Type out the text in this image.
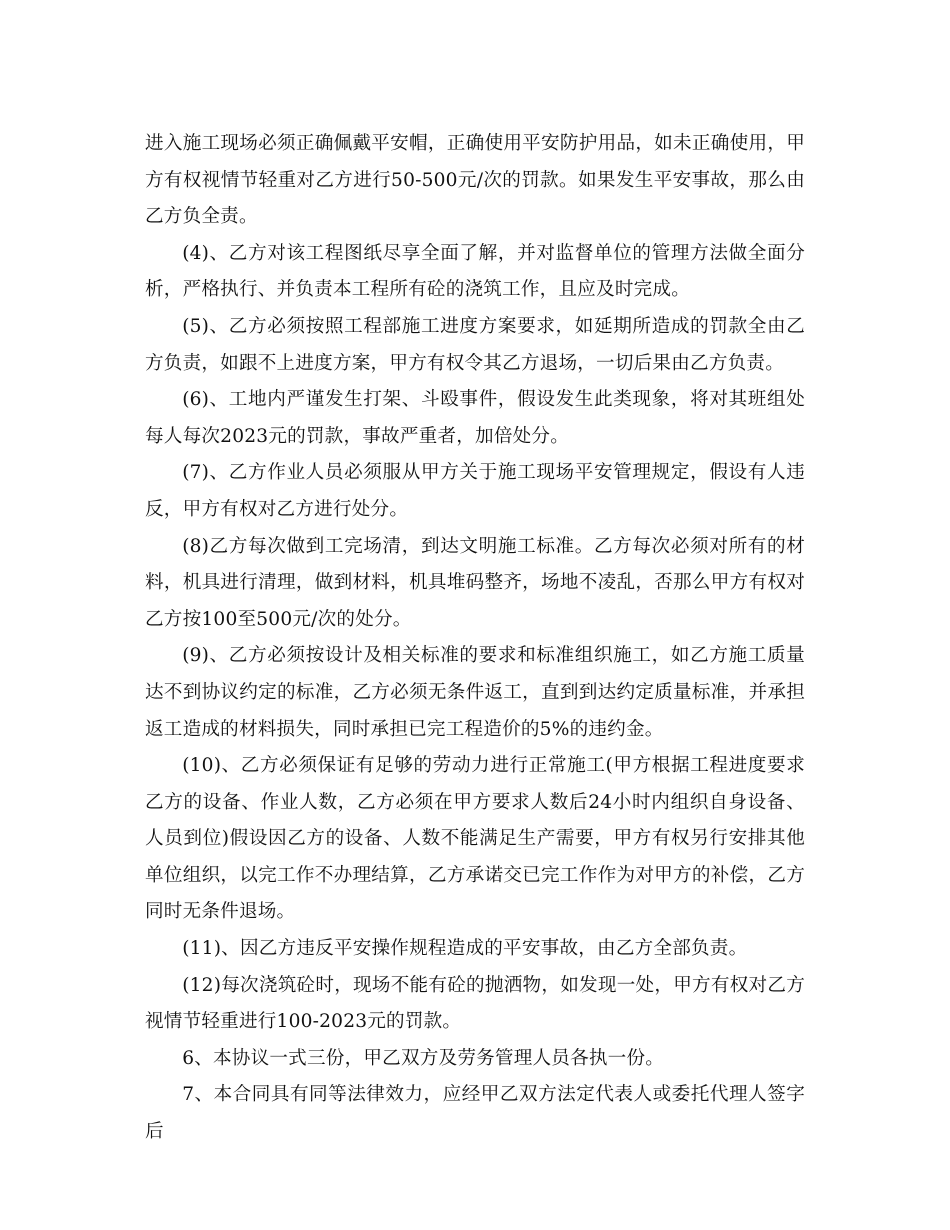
进入施工现场必须正确佩戴平安帽，正确使用平安防护用品，如未正确使用，甲方有权视情节轻重对乙方进行50-500元/次的罚款。如果发生平安事故，那么由乙方负全责。

(4)、乙方对该工程图纸尽享全面了解，并对监督单位的管理方法做全面分析，严格执行、并负责本工程所有砼的浇筑工作，且应及时完成。

(5)、乙方必须按照工程部施工进度方案要求，如延期所造成的罚款全由乙方负责，如跟不上进度方案，甲方有权令其乙方退场，一切后果由乙方负责。

(6)、工地内严谨发生打架、斗殴事件，假设发生此类现象，将对其班组处每人每次2023元的罚款，事故严重者，加倍处分。

(7)、乙方作业人员必须服从甲方关于施工现场平安管理规定，假设有人违反，甲方有权对乙方进行处分。

(8)乙方每次做到工完场清，到达文明施工标准。乙方每次必须对所有的材料，机具进行清理，做到材料，机具堆码整齐，场地不凌乱，否那么甲方有权对乙方按100至500元/次的处分。

(9)、乙方必须按设计及相关标准的要求和标准组织施工，如乙方施工质量达不到协议约定的标准，乙方必须无条件返工，直到到达约定质量标准，并承担返工造成的材料损失，同时承担已完工程造价的5%的违约金。

(10)、乙方必须保证有足够的劳动力进行正常施工(甲方根据工程进度要求乙方的设备、作业人数，乙方必须在甲方要求人数后24小时内组织自身设备、人员到位)假设因乙方的设备、人数不能满足生产需要，甲方有权另行安排其他单位组织，以完工作不办理结算，乙方承诺交已完工作作为对甲方的补偿，乙方同时无条件退场。

(11)、因乙方违反平安操作规程造成的平安事故，由乙方全部负责。

(12)每次浇筑砼时，现场不能有砼的抛洒物，如发现一处，甲方有权对乙方视情节轻重进行100-2023元的罚款。

6、本协议一式三份，甲乙双方及劳务管理人员各执一份。

7、本合同具有同等法律效力，应经甲乙双方法定代表人或委托代理人签字后
